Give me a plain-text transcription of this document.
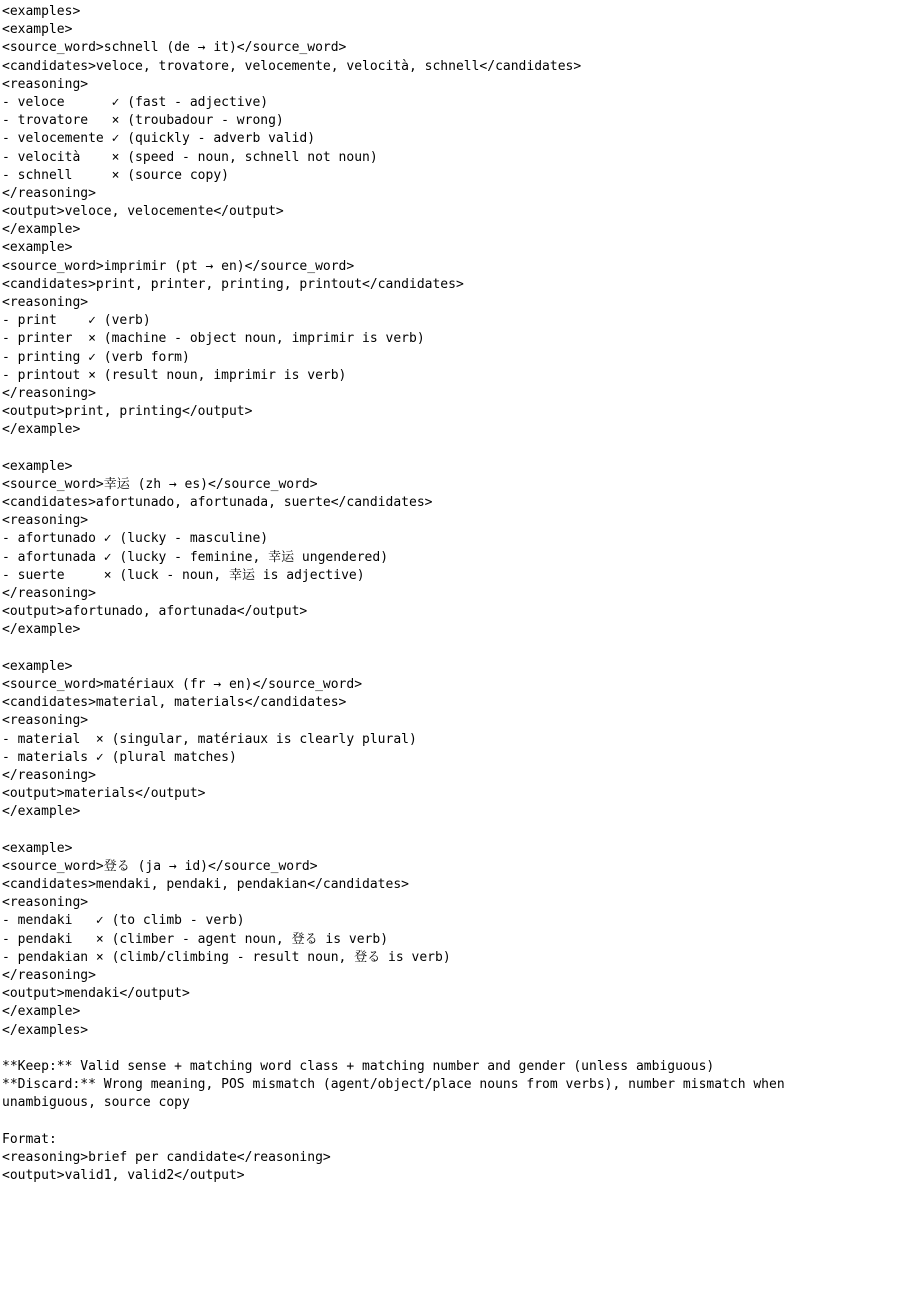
<examples>
<example>
<source_word>schnell (de → it)</source_word>
<candidates>veloce, trovatore, velocemente, velocità, schnell</candidates>
<reasoning>
- veloce      ✓ (fast - adjective)
- trovatore   × (troubadour - wrong)
- velocemente ✓ (quickly - adverb valid)
- velocità    × (speed - noun, schnell not noun)
- schnell     × (source copy)
</reasoning>
<output>veloce, velocemente</output>
</example>
<example>
<source_word>imprimir (pt → en)</source_word>
<candidates>print, printer, printing, printout</candidates>
<reasoning>
- print    ✓ (verb)
- printer  × (machine - object noun, imprimir is verb)
- printing ✓ (verb form)
- printout × (result noun, imprimir is verb)
</reasoning>
<output>print, printing</output>
</example>
<example>
<source_word>幸运 (zh → es)</source_word>
<candidates>afortunado, afortunada, suerte</candidates>
<reasoning>
- afortunado ✓ (lucky - masculine)
- afortunada ✓ (lucky - feminine, 幸运 ungendered)
- suerte     × (luck - noun, 幸运 is adjective)
</reasoning>
<output>afortunado, afortunada</output>
</example>
<example>
<source_word>matériaux (fr → en)</source_word>
<candidates>material, materials</candidates>
<reasoning>
- material  × (singular, matériaux is clearly plural)
- materials ✓ (plural matches)
</reasoning>
<output>materials</output>
</example>
<example>
<source_word>登る (ja → id)</source_word>
<candidates>mendaki, pendaki, pendakian</candidates>
<reasoning>
- mendaki   ✓ (to climb - verb)
- pendaki   × (climber - agent noun, 登る is verb)
- pendakian × (climb/climbing - result noun, 登る is verb)
</reasoning>
<output>mendaki</output>
</example>
</examples>
**Keep:** Valid sense + matching word class + matching number and gender (unless ambiguous)
**Discard:** Wrong meaning, POS mismatch (agent/object/place nouns from verbs), number mismatch when
unambiguous, source copy
Format:
<reasoning>brief per candidate</reasoning>
<output>valid1, valid2</output>
